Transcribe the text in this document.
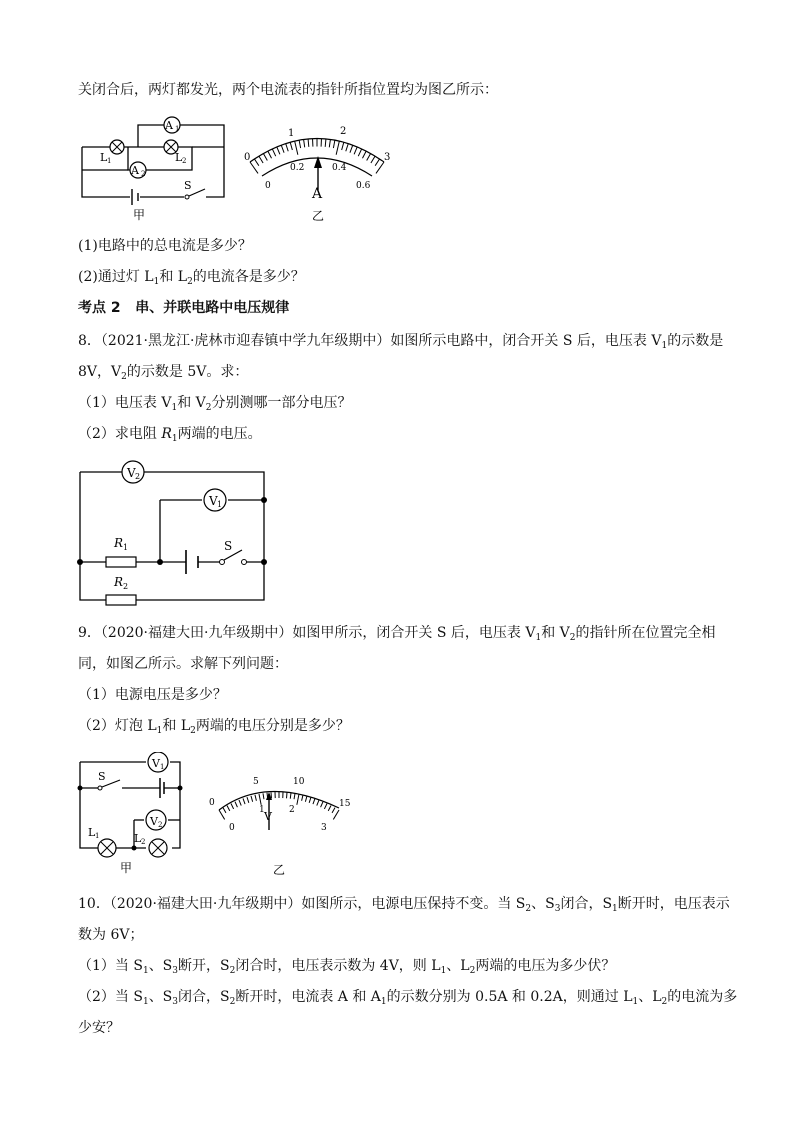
关闭合后，两灯都发光，两个电流表的指针所指位置均为图乙所示：
A 1
A 2
L 1	L 2
S
甲
0
1	2
3
0
0.2	0.4
0.6
A
乙
(1)电路中的总电流是多少？
(2)通过灯 $L_1$和 $L_2$的电流各是多少？
考点 2 串、并联电路中电压规律
8．（2021·黑龙江·虎林市迎春镇中学九年级期中）如图所示电路中，闭合开关 S 后，电压表 $V_1$的示数是
8V，$V_2$的示数是 5V。求：
（1）电压表 $V_1$和 $V_2$分别测哪一部分电压？
（2）求电阻 $R_1$两端的电压。
V 2
V 1
R 1
R 2
S
9．（2020·福建大田·九年级期中）如图甲所示，闭合开关 S 后，电压表 $V_1$和 $V_2$的指针所在位置完全相
同，如图乙所示。求解下列问题：
（1）电源电压是多少？
（2）灯泡 $L_1$和 $L_2$两端的电压分别是多少？
V 1
V 2
S
L 1	L 2
甲
0
5	10
15
0
1	2
3
V
乙
10．（2020·福建大田·九年级期中）如图所示，电源电压保持不变。当 $S_2$、$S_3$闭合，$S_1$断开时，电压表示
数为 6V；
（1）当 $S_1$、$S_3$断开，$S_2$闭合时，电压表示数为 4V，则 $L_1$、$L_2$两端的电压为多少伏？
（2）当 $S_1$、$S_3$闭合，$S_2$断开时，电流表 A 和 $A_1$的示数分别为 0.5A 和 0.2A，则通过 $L_1$、$L_2$的电流为多
少安？
